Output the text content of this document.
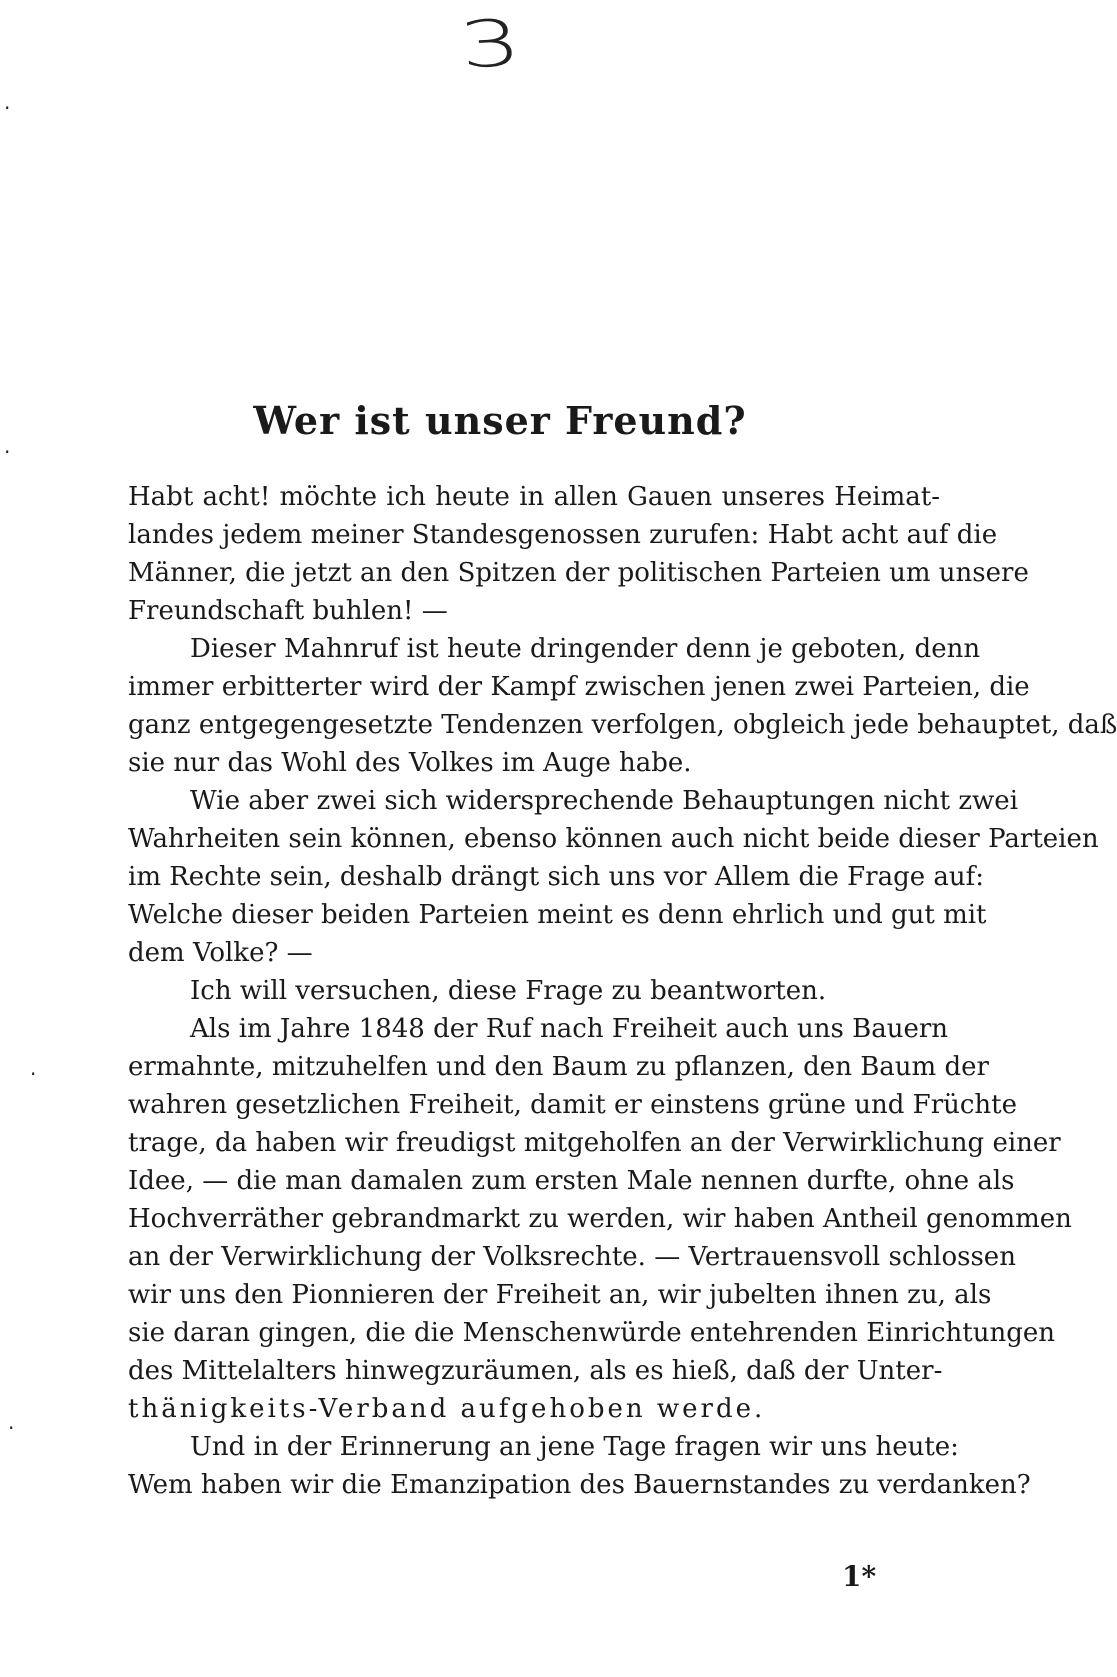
3
·
·
·
·
Wer ist unser Freund?
Habt acht! möchte ich heute in allen Gauen unseres Heimat-
landes jedem meiner Standesgenossen zurufen: Habt acht auf die
Männer, die jetzt an den Spitzen der politischen Parteien um unsere
Freundschaft buhlen! —
Dieser Mahnruf ist heute dringender denn je geboten, denn
immer erbitterter wird der Kampf zwischen jenen zwei Parteien, die
ganz entgegengesetzte Tendenzen verfolgen, obgleich jede behauptet, daß
sie nur das Wohl des Volkes im Auge habe.
Wie aber zwei sich widersprechende Behauptungen nicht zwei
Wahrheiten sein können, ebenso können auch nicht beide dieser Parteien
im Rechte sein, deshalb drängt sich uns vor Allem die Frage auf:
Welche dieser beiden Parteien meint es denn ehrlich und gut mit
dem Volke? —
Ich will versuchen, diese Frage zu beantworten.
Als im Jahre 1848 der Ruf nach Freiheit auch uns Bauern
ermahnte, mitzuhelfen und den Baum zu pflanzen, den Baum der
wahren gesetzlichen Freiheit, damit er einstens grüne und Früchte
trage, da haben wir freudigst mitgeholfen an der Verwirklichung einer
Idee, — die man damalen zum ersten Male nennen durfte, ohne als
Hochverräther gebrandmarkt zu werden, wir haben Antheil genommen
an der Verwirklichung der Volksrechte. — Vertrauensvoll schlossen
wir uns den Pionnieren der Freiheit an, wir jubelten ihnen zu, als
sie daran gingen, die die Menschenwürde entehrenden Einrichtungen
des Mittelalters hinwegzuräumen, als es hieß, daß der Unter-
thänigkeits-Verband aufgehoben werde.
Und in der Erinnerung an jene Tage fragen wir uns heute:
Wem haben wir die Emanzipation des Bauernstandes zu verdanken?
1*
